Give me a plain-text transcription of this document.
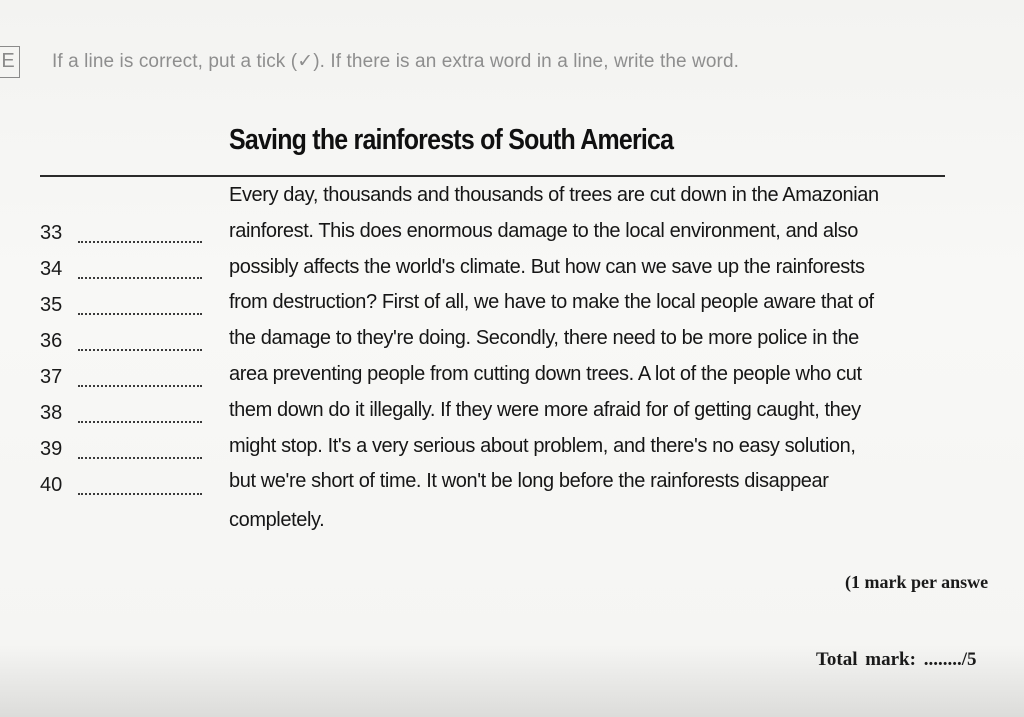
E If a line is correct, put a tick (✓). If there is an extra word in a line, write the word.
Saving the rainforests of South America
Every day, thousands and thousands of trees are cut down in the Amazonian
33	rainforest. This does enormous damage to the local environment, and also
34	possibly affects the world's climate. But how can we save up the rainforests
35	from destruction? First of all, we have to make the local people aware that of
36	the damage to they're doing. Secondly, there need to be more police in the
37	area preventing people from cutting down trees. A lot of the people who cut
38	them down do it illegally. If they were more afraid for of getting caught, they
39	might stop. It's a very serious about problem, and there's no easy solution,
40	but we're short of time. It won't be long before the rainforests disappear
completely.
(1 mark per answe
Total mark: ......../5
